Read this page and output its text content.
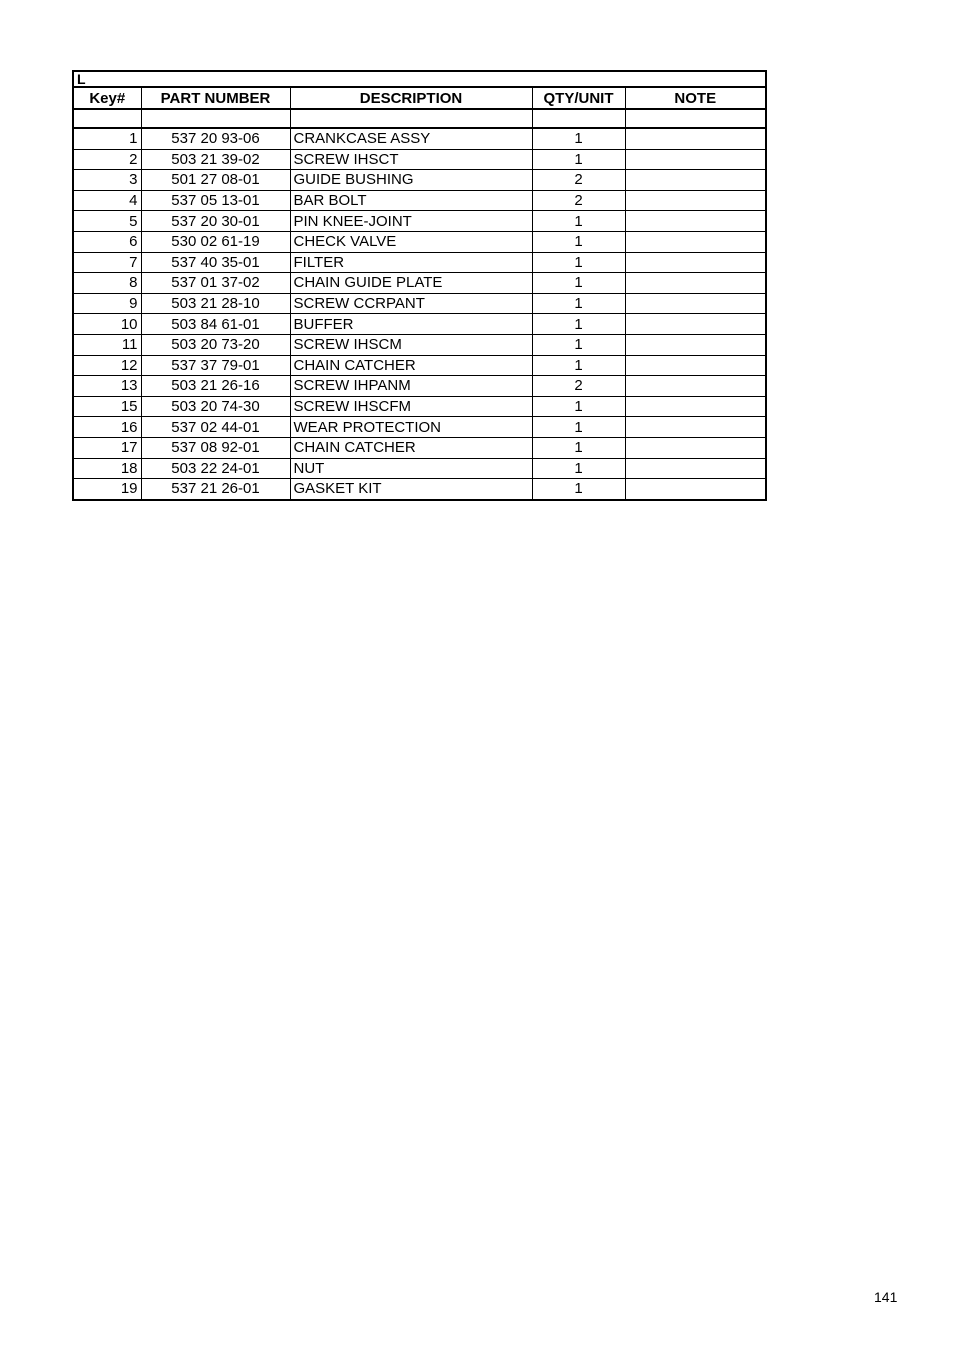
L				
Key#	PART NUMBER	DESCRIPTION	QTY/UNIT	NOTE

1	537 20 93-06	CRANKCASE ASSY	1	
2	503 21 39-02	SCREW IHSCT	1	
3	501 27 08-01	GUIDE BUSHING	2	
4	537 05 13-01	BAR BOLT	2	
5	537 20 30-01	PIN KNEE-JOINT	1	
6	530 02 61-19	CHECK VALVE	1	
7	537 40 35-01	FILTER	1	
8	537 01 37-02	CHAIN GUIDE PLATE	1	
9	503 21 28-10	SCREW CCRPANT	1	
10	503 84 61-01	BUFFER	1	
11	503 20 73-20	SCREW IHSCM	1	
12	537 37 79-01	CHAIN CATCHER	1	
13	503 21 26-16	SCREW IHPANM	2	
15	503 20 74-30	SCREW IHSCFM	1	
16	537 02 44-01	WEAR PROTECTION	1	
17	537 08 92-01	CHAIN CATCHER	1	
18	503 22 24-01	NUT	1	
19	537 21 26-01	GASKET KIT	1	
141
